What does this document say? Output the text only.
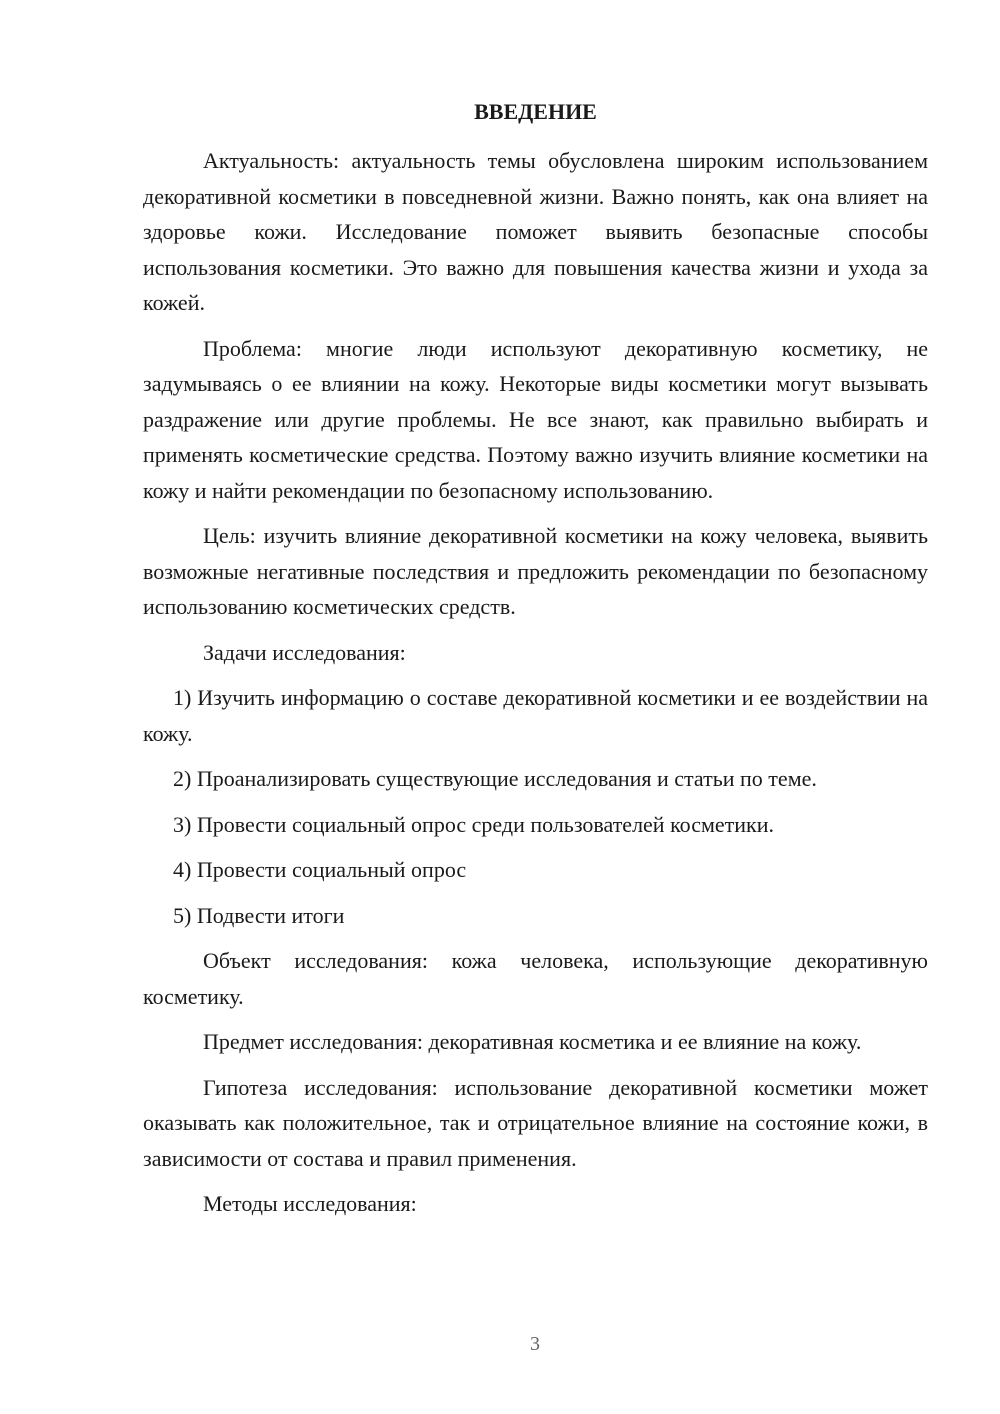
ВВЕДЕНИЕ

Актуальность: актуальность темы обусловлена широким использованием декоративной косметики в повседневной жизни. Важно понять, как она влияет на здоровье кожи. Исследование поможет выявить безопасные способы использования косметики. Это важно для повышения качества жизни и ухода за кожей.

Проблема: многие люди используют декоративную косметику, не задумываясь о ее влиянии на кожу. Некоторые виды косметики могут вызывать раздражение или другие проблемы. Не все знают, как правильно выбирать и применять косметические средства. Поэтому важно изучить влияние косметики на кожу и найти рекомендации по безопасному использованию.

Цель: изучить влияние декоративной косметики на кожу человека, выявить возможные негативные последствия и предложить рекомендации по безопасному использованию косметических средств.

Задачи исследования:

1) Изучить информацию о составе декоративной косметики и ее воздействии на кожу.

2) Проанализировать существующие исследования и статьи по теме.

3) Провести социальный опрос среди пользователей косметики.

4) Провести социальный опрос

5) Подвести итоги

Объект исследования: кожа человека, использующие декоративную косметику.

Предмет исследования: декоративная косметика и ее влияние на кожу.

Гипотеза исследования: использование декоративной косметики может оказывать как положительное, так и отрицательное влияние на состояние кожи, в зависимости от состава и правил применения.

Методы исследования:

3
